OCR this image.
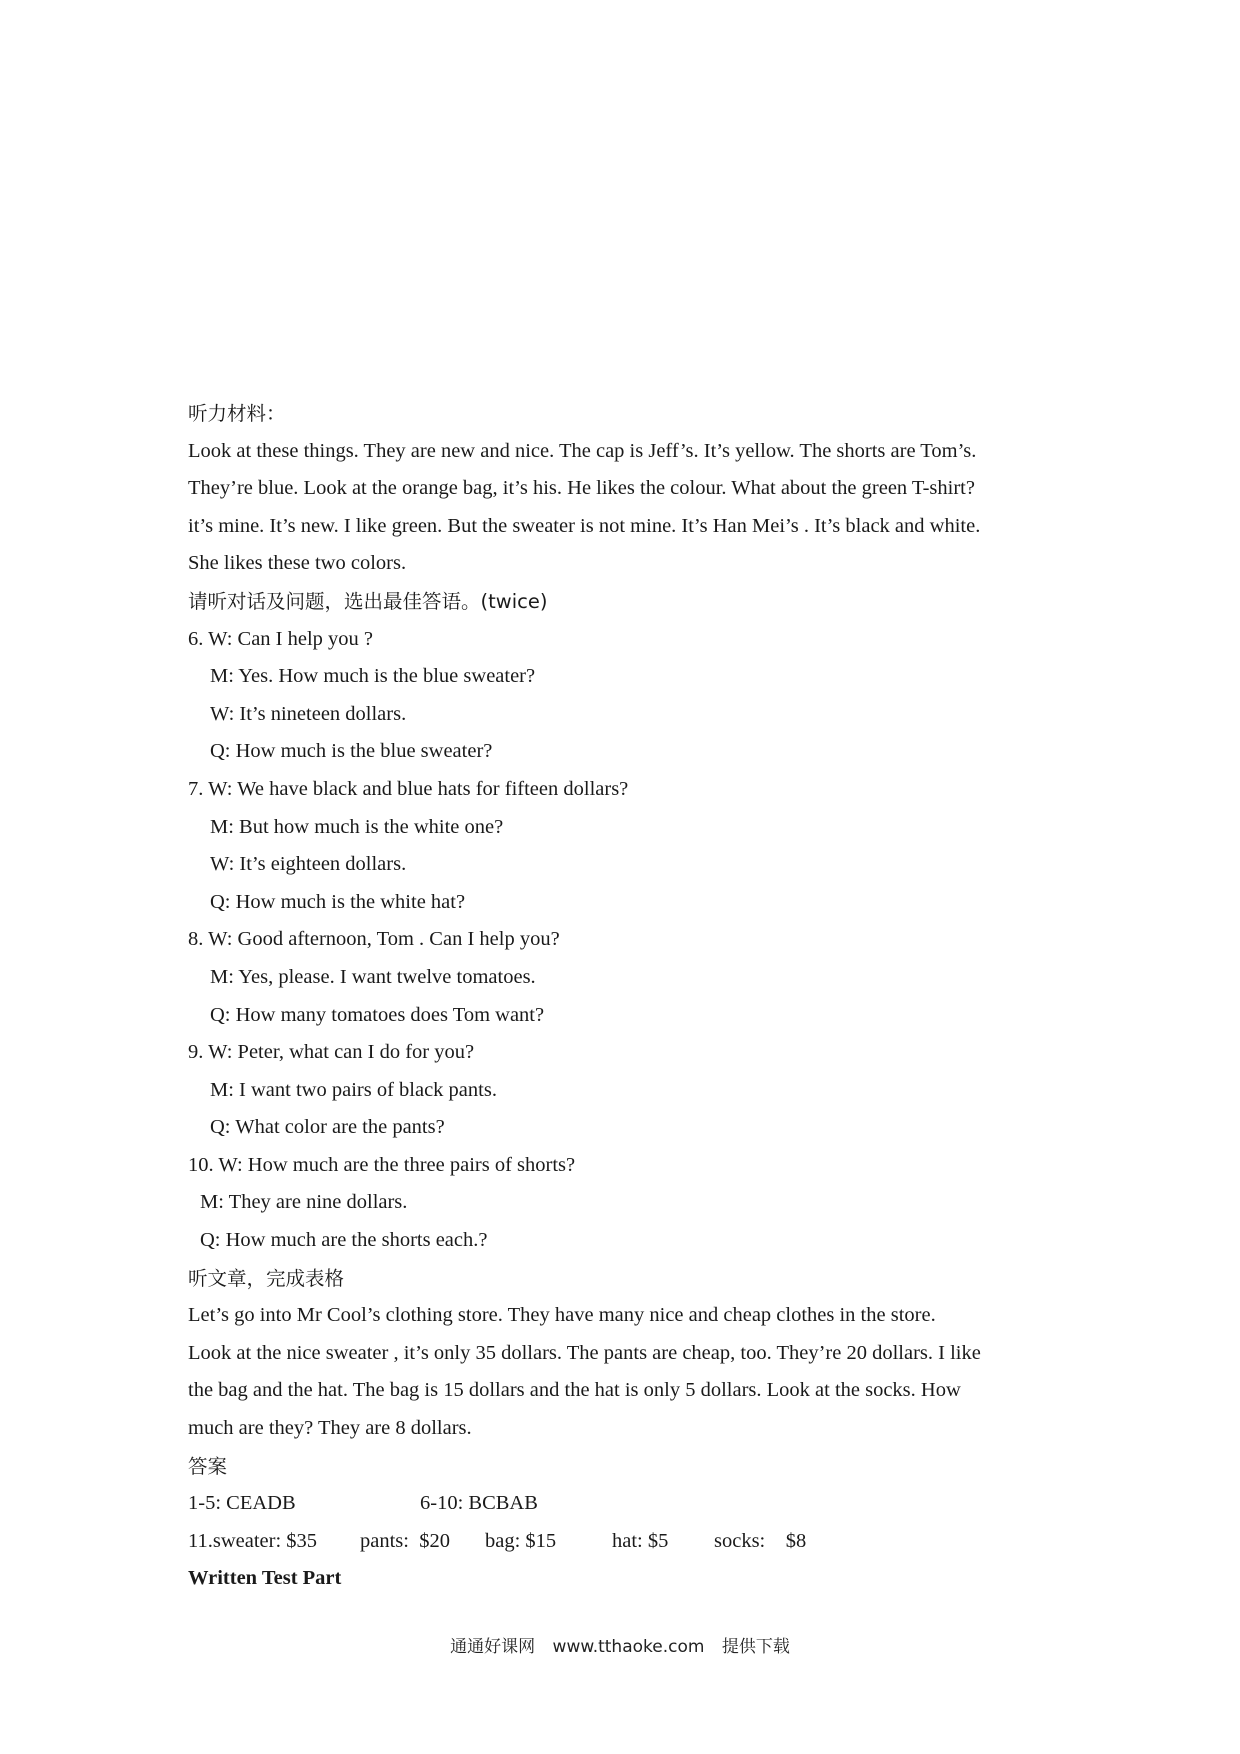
听力材料：
Look at these things. They are new and nice. The cap is Jeff’s. It’s yellow. The shorts are Tom’s.
They’re blue. Look at the orange bag, it’s his. He likes the colour. What about the green T-shirt?
it’s mine. It’s new. I like green. But the sweater is not mine. It’s Han Mei’s . It’s black and white.
She likes these two colors.
请听对话及问题，选出最佳答语。(twice)
6. W: Can I help you ?
M: Yes. How much is the blue sweater?
W: It’s nineteen dollars.
Q: How much is the blue sweater?
7. W: We have black and blue hats for fifteen dollars?
M: But how much is the white one?
W: It’s eighteen dollars.
Q: How much is the white hat?
8. W: Good afternoon, Tom . Can I help you?
M: Yes, please. I want twelve tomatoes.
Q: How many tomatoes does Tom want?
9. W: Peter, what can I do for you?
M: I want two pairs of black pants.
Q: What color are the pants?
10. W: How much are the three pairs of shorts?
M: They are nine dollars.
Q: How much are the shorts each.?
听文章，完成表格
Let’s go into Mr Cool’s clothing store. They have many nice and cheap clothes in the store.
Look at the nice sweater , it’s only 35 dollars. The pants are cheap, too. They’re 20 dollars. I like
the bag and the hat. The bag is 15 dollars and the hat is only 5 dollars. Look at the socks. How
much are they? They are 8 dollars.
答案
1-5: CEADB	6-10: BCBAB
11.sweater: $35	pants:  $20	bag: $15	hat: $5	socks:    $8
Written Test Part
通通好课网 www.tthaoke.com 提供下载
